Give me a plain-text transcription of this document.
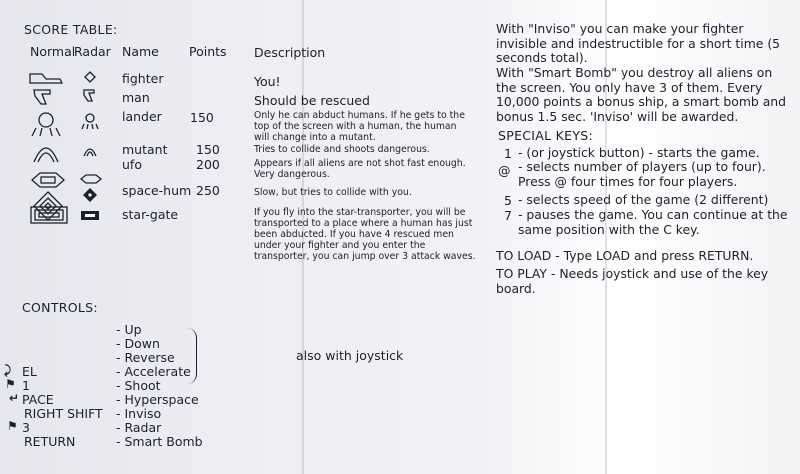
SCORE TABLE:
Normal
Radar Name Points Description
fighter	You!
man	Should be rescued
lander 150	Only he can abduct humans. If he gets to the top of the screen with a human, the human will change into a mutant.
mutant 150	Tries to collide and shoots dangerous.
ufo	200	Appears if all aliens are not shot fast enough. Very dangerous.
space-hum 250	Slow, but tries to collide with you.
star-gate	If you fly into the star-transporter, you will be transported to a place where a human has just been abducted. If you have 4 rescued men under your fighter and you enter the transporter, you can jump over 3 attack waves.
CONTROLS:
- Up
- Down
- Reverse
⤸ EL	- Accelerate
⚑ 1	- Shoot
↵ PACE	- Hyperspace
RIGHT SHIFT - Inviso
⚑ 3	- Radar
RETURN	- Smart Bomb
also with joystick
With "Inviso" you can make your fighter invisible and indestructible for a short time (5 seconds total).
With "Smart Bomb" you destroy all aliens on the screen. You only have 3 of them. Every 10,000 points a bonus ship, a smart bomb and bonus 1.5 sec. 'Inviso' will be awarded.
SPECIAL KEYS:
1 - (or joystick button) - starts the game.
@ - selects number of players (up to four). Press @ four times for four players.
5 - selects speed of the game (2 different)
7 - pauses the game. You can continue at the same position with the C key.
TO LOAD - Type LOAD and press RETURN.
TO PLAY - Needs joystick and use of the key board.
